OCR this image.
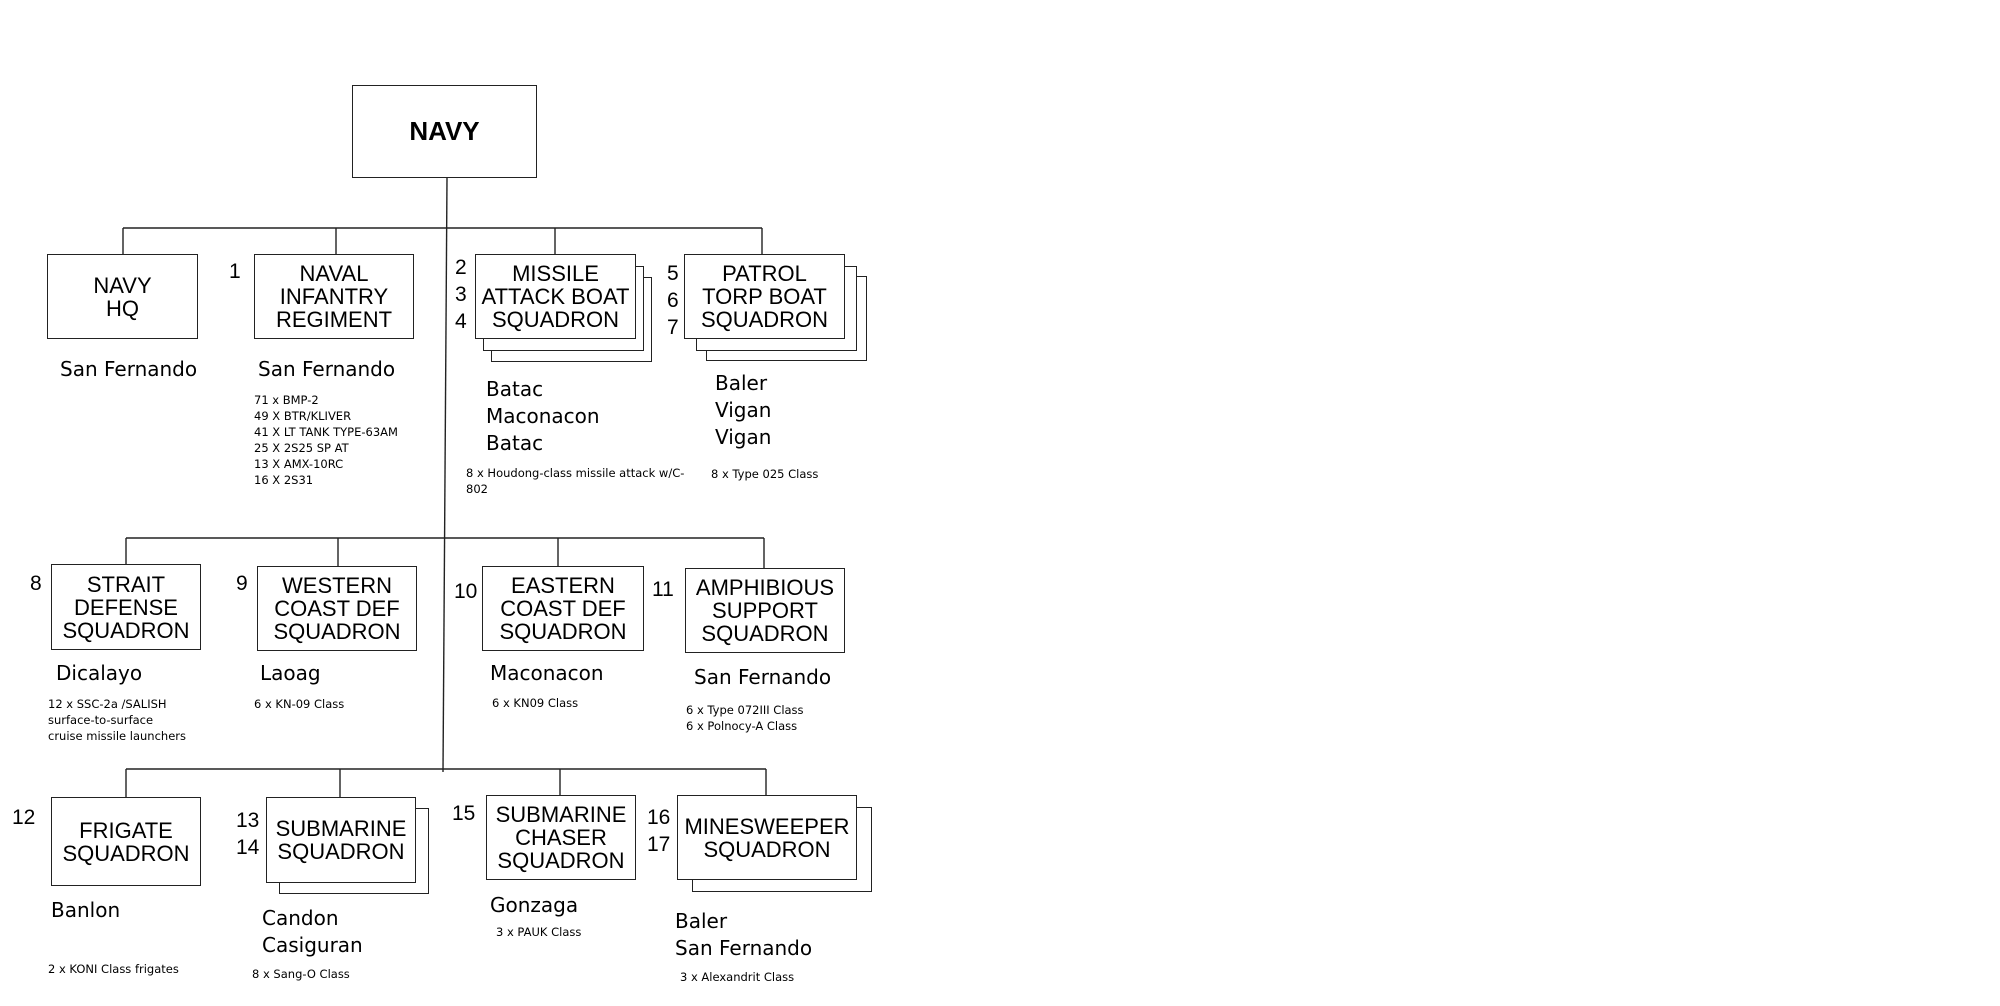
NAVY
NAVY
HQ
San Fernando
1	NAVAL
INFANTRY
REGIMENT
San Fernando
71 x BMP-2
49 X BTR/KLIVER
41 X LT TANK TYPE-63AM
25 X 2S25 SP AT
13 X AMX-10RC
16 X 2S31
2
3
4
MISSILE
ATTACK BOAT
SQUADRON
Batac
Maconacon
Batac
8 x Houdong-class missile attack w/C-
802
5
6
7
PATROL
TORP BOAT
SQUADRON
Baler
Vigan
Vigan
8 x Type 025 Class
8	STRAIT
DEFENSE
SQUADRON
Dicalayo
12 x SSC-2a /SALISH
surface-to-surface
cruise missile launchers
9	WESTERN
COAST DEF
SQUADRON
Laoag
6 x KN-09 Class
10	EASTERN
COAST DEF
SQUADRON
Maconacon
6 x KN09 Class
11 AMPHIBIOUS
SUPPORT
SQUADRON
San Fernando
6 x Type 072III Class
6 x Polnocy-A Class
12	FRIGATE
SQUADRON
Banlon
2 x KONI Class frigates
13
14
SUBMARINE
SQUADRON
Candon
Casiguran
8 x Sang-O Class
15 SUBMARINE
CHASER
SQUADRON
Gonzaga
3 x PAUK Class
16
17
MINESWEEPER
SQUADRON
Baler
San Fernando
3 x Alexandrit Class
